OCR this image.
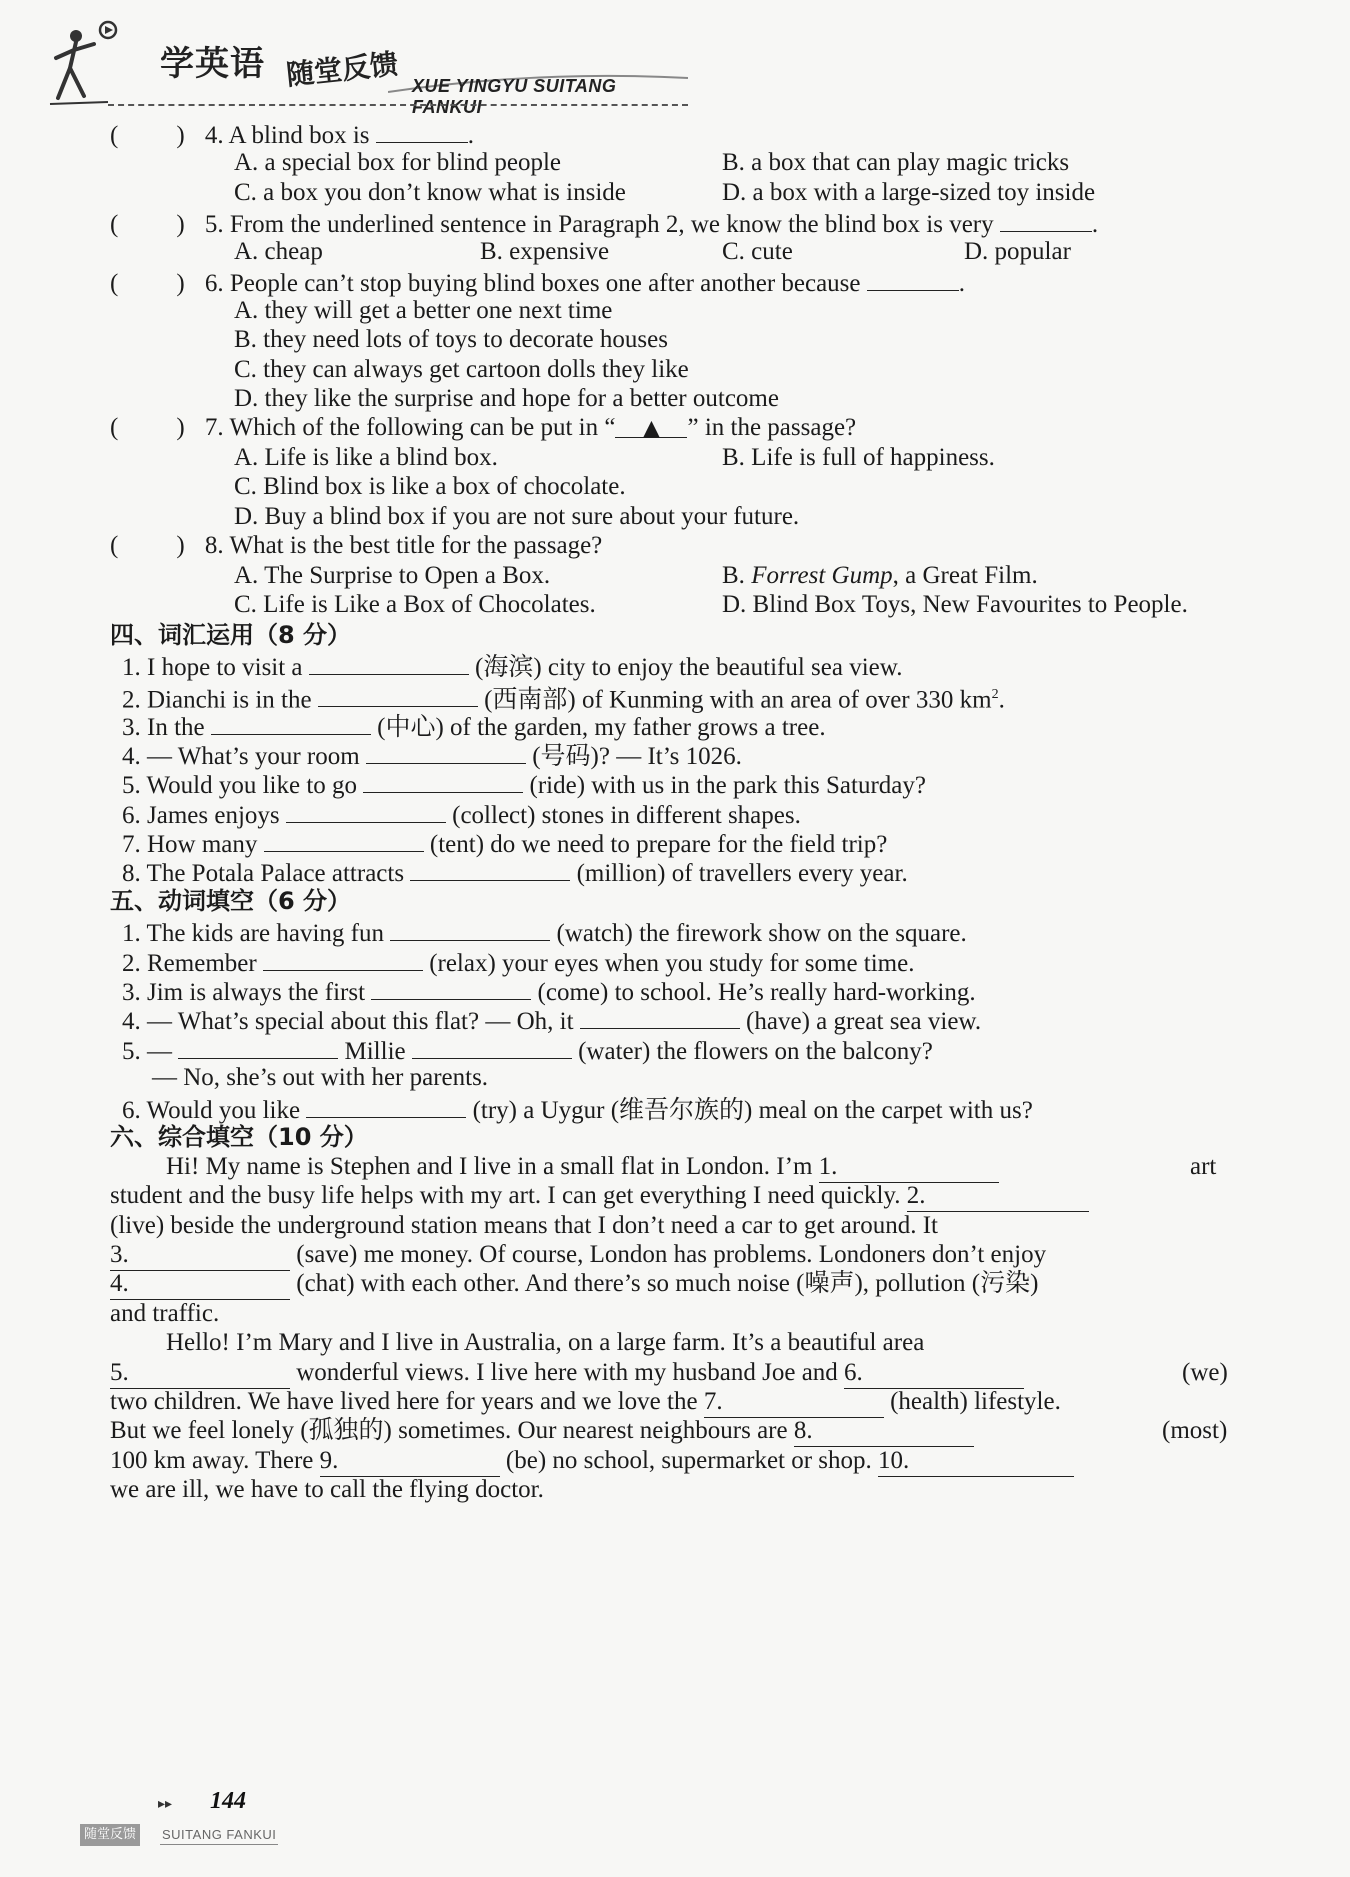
学英语 随堂反馈 XUE YINGYU SUITANG FANKUI
( ) 4. A blind box is	.
A. a special box for blind people	B. a box that can play magic tricks
C. a box you don’t know what is inside	D. a box with a large-sized toy inside
( ) 5. From the underlined sentence in Paragraph 2, we know the blind box is very	.
A. cheap	B. expensive	C. cute	D. popular
( ) 6. People can’t stop buying blind boxes one after another because	.
A. they will get a better one next time
B. they need lots of toys to decorate houses
C. they can always get cartoon dolls they like
D. they like the surprise and hope for a better outcome
( ) 7. Which of the following can be put in “ ▲ ” in the passage?
A. Life is like a blind box.	B. Life is full of happiness.
C. Blind box is like a box of chocolate.
D. Buy a blind box if you are not sure about your future.
( ) 8. What is the best title for the passage?
A. The Surprise to Open a Box.	B. Forrest Gump, a Great Film.
C. Life is Like a Box of Chocolates.	D. Blind Box Toys, New Favourites to People.
四、词汇运用（8 分）
1. I hope to visit a	(海滨) city to enjoy the beautiful sea view.
2. Dianchi is in the	(西南部) of Kunming with an area of over 330 $km^2$.
3. In the	(中心) of the garden, my father grows a tree.
4. — What’s your room	(号码)? — It’s 1026.
5. Would you like to go	(ride) with us in the park this Saturday?
6. James enjoys	(collect) stones in different shapes.
7. How many	(tent) do we need to prepare for the field trip?
8. The Potala Palace attracts	(million) of travellers every year.
五、动词填空（6 分）
1. The kids are having fun	(watch) the firework show on the square.
2. Remember	(relax) your eyes when you study for some time.
3. Jim is always the first	(come) to school. He’s really hard-working.
4. — What’s special about this flat? — Oh, it	(have) a great sea view.
5. —	Millie	(water) the flowers on the balcony?
— No, she’s out with her parents.
6. Would you like	(try) a Uygur (维吾尔族的) meal on the carpet with us?
六、综合填空（10 分）
Hi! My name is Stephen and I live in a small flat in London. I’m 1.	art
student and the busy life helps with my art. I can get everything I need quickly. 2.
(live) beside the underground station means that I don’t need a car to get around. It
3.	(save) me money. Of course, London has problems. Londoners don’t enjoy
4.	(chat) with each other. And there’s so much noise (噪声), pollution (污染)
and traffic.
Hello! I’m Mary and I live in Australia, on a large farm. It’s a beautiful area
5.	wonderful views. I live here with my husband Joe and 6.	(we)
two children. We have lived here for years and we love the 7.	(health) lifestyle.
But we feel lonely (孤独的) sometimes. Our nearest neighbours are 8.	(most)
100 km away. There 9.	(be) no school, supermarket or shop. 10.
we are ill, we have to call the flying doctor.
▸▸ 144
随堂反馈	SUITANG FANKUI
